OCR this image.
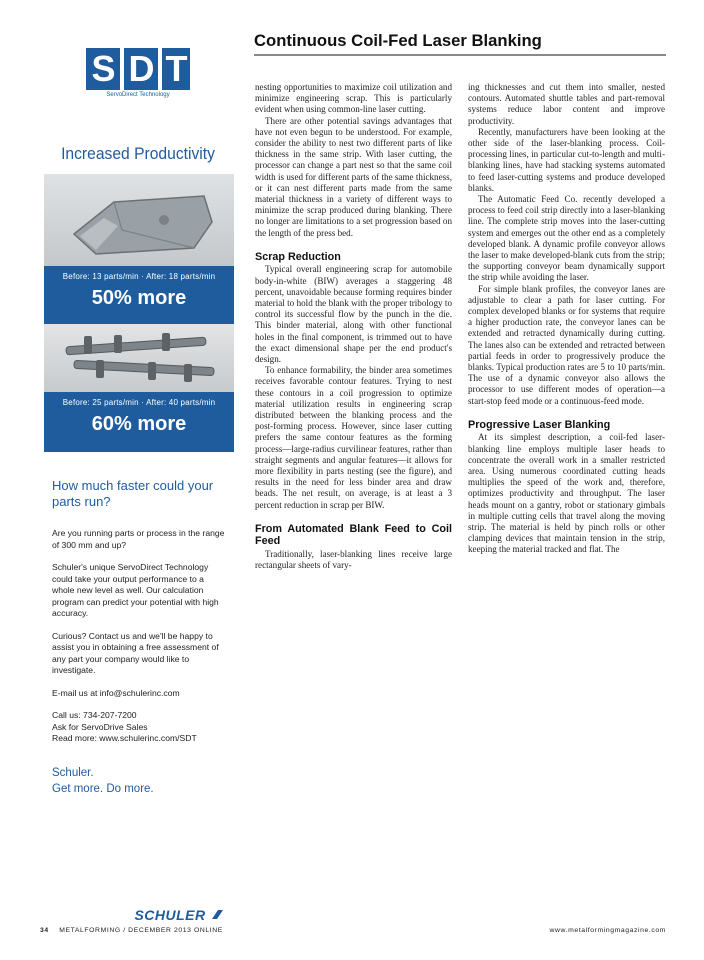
S D T
ServoDirect Technology
Increased Productivity
Before: 13 parts/min · After: 18 parts/min
50% more
Before: 25 parts/min · After: 40 parts/min
60% more
How much faster could your parts run?

Are you running parts or process in the range of 300 mm and up?

Schuler's unique ServoDirect Technology could take your output performance to a whole new level as well. Our calculation program can predict your potential with high accuracy.

Curious? Contact us and we'll be happy to assist you in obtaining a free assessment of any part your company would like to investigate.

E-mail us at info@schulerinc.com

Call us: 734-207-7200
Ask for ServoDrive Sales
Read more: www.schulerinc.com/SDT
Schuler.
Get more. Do more.
SCHULER
Continuous Coil-Fed Laser Blanking

nesting opportunities to maximize coil utilization and minimize engineering scrap. This is particularly evident when using common-line laser cutting.

There are other potential savings advantages that have not even begun to be understood. For example, consider the ability to nest two different parts of like thickness in the same strip. With laser cutting, the processor can change a part nest so that the same coil width is used for different parts of the same thickness, or it can nest different parts made from the same material thickness in a variety of different ways to minimize the scrap produced during blanking. There no longer are limitations to a set progression based on the length of the press bed.

Scrap Reduction

Typical overall engineering scrap for automobile body-in-white (BIW) averages a staggering 48 percent, unavoidable because forming requires binder material to hold the blank with the proper tribology to control its successful flow by the punch in the die. This binder material, along with other functional holes in the final component, is trimmed out to have the exact dimensional shape per the end product's design.

To enhance formability, the binder area sometimes receives favorable contour features. Trying to nest these contours in a coil progression to optimize material utilization results in engineering scrap distributed between the blanking process and the post-forming process. However, since laser cutting prefers the same contour features as the forming process—large-radius curvilinear features, rather than straight segments and angular features—it allows for more flexibility in parts nesting (see the figure), and results in the need for less binder area and draw beads. The net result, on average, is at least a 3 percent reduction in scrap per BIW.

From Automated Blank Feed to Coil Feed

Traditionally, laser-blanking lines receive large rectangular sheets of vary-

ing thicknesses and cut them into smaller, nested contours. Automated shuttle tables and part-removal systems reduce labor content and improve productivity.

Recently, manufacturers have been looking at the other side of the laser-blanking process. Coil-processing lines, in particular cut-to-length and multi-blanking lines, have had stacking systems automated to feed laser-cutting systems and produce developed blanks.

The Automatic Feed Co. recently developed a process to feed coil strip directly into a laser-blanking line. The complete strip moves into the laser-cutting system and emerges out the other end as a completely developed blank. A dynamic profile conveyor allows the laser to make developed-blank cuts from the strip; the supporting conveyor beam dynamically support the strip while avoiding the laser.

For simple blank profiles, the conveyor lanes are adjustable to clear a path for laser cutting. For complex developed blanks or for systems that require a higher production rate, the conveyor lanes can be extended and retracted dynamically during cutting. The lanes also can be extended and retracted between partial feeds in order to progressively produce the blanks. Typical production rates are 5 to 10 parts/min. The use of a dynamic conveyor also allows the processor to use different modes of operation—a start-stop feed mode or a continuous-feed mode.

Progressive Laser Blanking

At its simplest description, a coil-fed laser-blanking line employs multiple laser heads to concentrate the overall work in a smaller restricted area. Using numerous coordinated cutting heads multiplies the speed of the work and, therefore, optimizes productivity and throughput. The laser heads mount on a gantry, robot or stationary gimbals in multiple cutting cells that travel along the moving strip. The material is held by pinch rolls or other clamping devices that maintain tension in the strip, keeping the material tracked and flat. The

34 METALFORMING / DECEMBER 2013 ONLINE	www.metalformingmagazine.com
